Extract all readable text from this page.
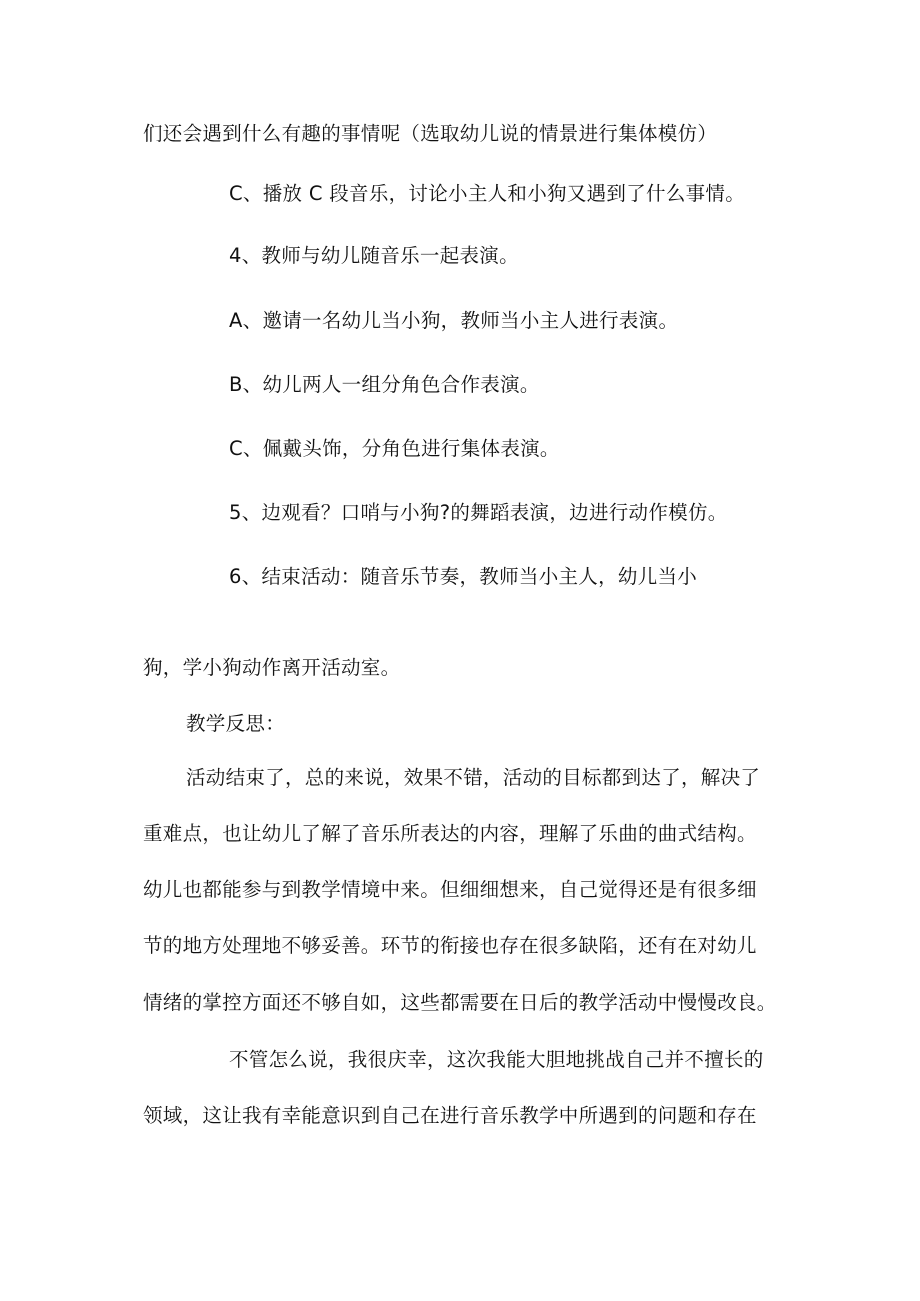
们还会遇到什么有趣的事情呢（选取幼儿说的情景进行集体模仿）
C、播放 C 段音乐，讨论小主人和小狗又遇到了什么事情。
4、教师与幼儿随音乐一起表演。
A、邀请一名幼儿当小狗，教师当小主人进行表演。
B、幼儿两人一组分角色合作表演。
C、佩戴头饰，分角色进行集体表演。
5、边观看？口哨与小狗?的舞蹈表演，边进行动作模仿。
6、结束活动：随音乐节奏，教师当小主人，幼儿当小
狗，学小狗动作离开活动室。
教学反思：
活动结束了，总的来说，效果不错，活动的目标都到达了，解决了
重难点，也让幼儿了解了音乐所表达的内容，理解了乐曲的曲式结构。
幼儿也都能参与到教学情境中来。但细细想来，自己觉得还是有很多细
节的地方处理地不够妥善。环节的衔接也存在很多缺陷，还有在对幼儿
情绪的掌控方面还不够自如，这些都需要在日后的教学活动中慢慢改良。
不管怎么说，我很庆幸，这次我能大胆地挑战自己并不擅长的
领域，这让我有幸能意识到自己在进行音乐教学中所遇到的问题和存在
